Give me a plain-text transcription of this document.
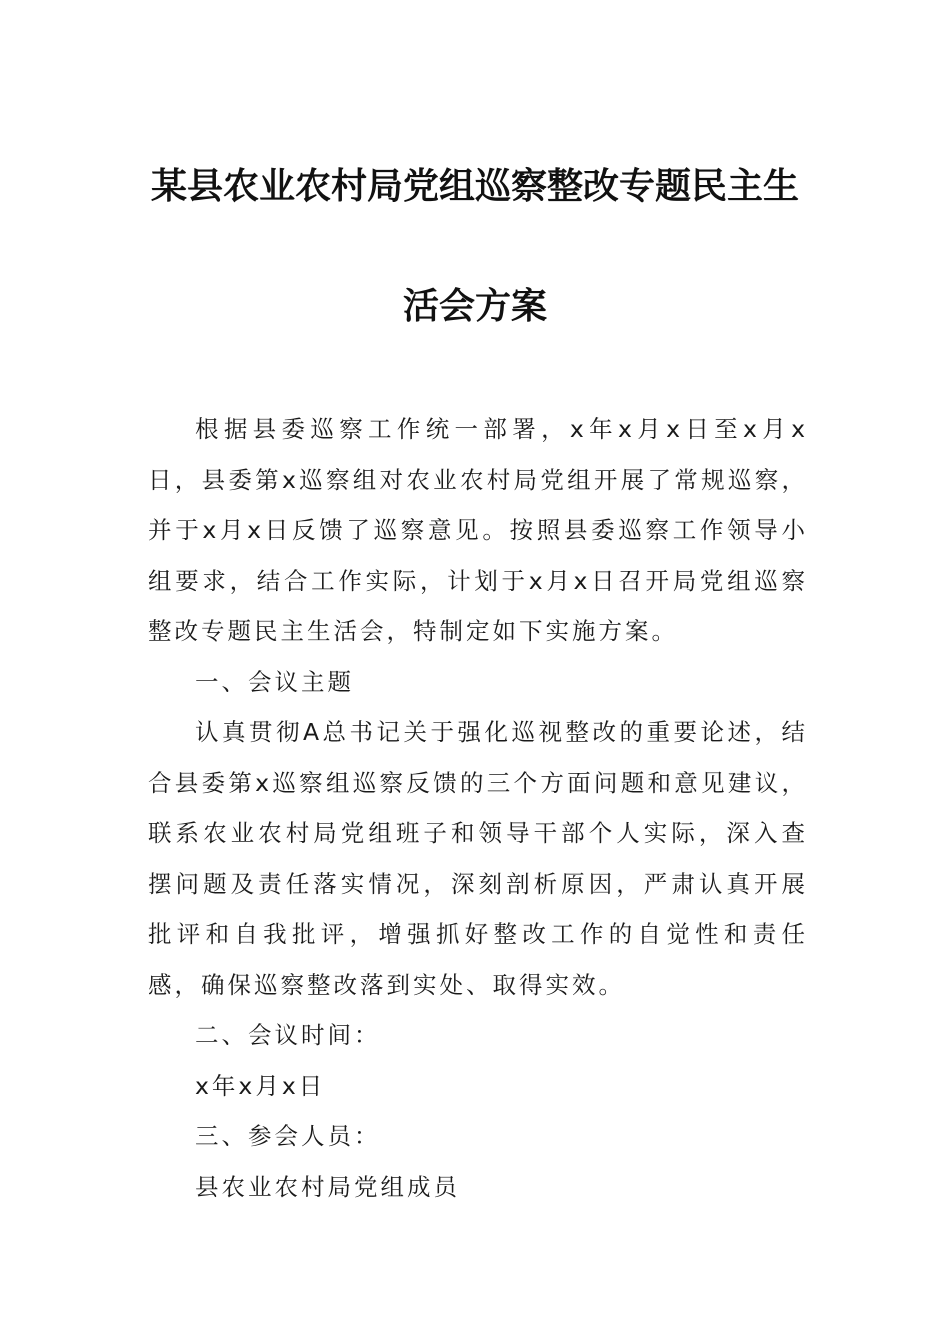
某县农业农村局党组巡察整改专题民主生
活会方案

根据县委巡察工作统一部署，x年x月x日至x月x日，县委第x巡察组对农业农村局党组开展了常规巡察，并于x月x日反馈了巡察意见。按照县委巡察工作领导小组要求，结合工作实际，计划于x月x日召开局党组巡察整改专题民主生活会，特制定如下实施方案。

一、会议主题

认真贯彻A总书记关于强化巡视整改的重要论述，结合县委第x巡察组巡察反馈的三个方面问题和意见建议，联系农业农村局党组班子和领导干部个人实际，深入查摆问题及责任落实情况，深刻剖析原因，严肃认真开展批评和自我批评，增强抓好整改工作的自觉性和责任感，确保巡察整改落到实处、取得实效。

二、会议时间：

x年x月x日

三、参会人员：

县农业农村局党组成员
